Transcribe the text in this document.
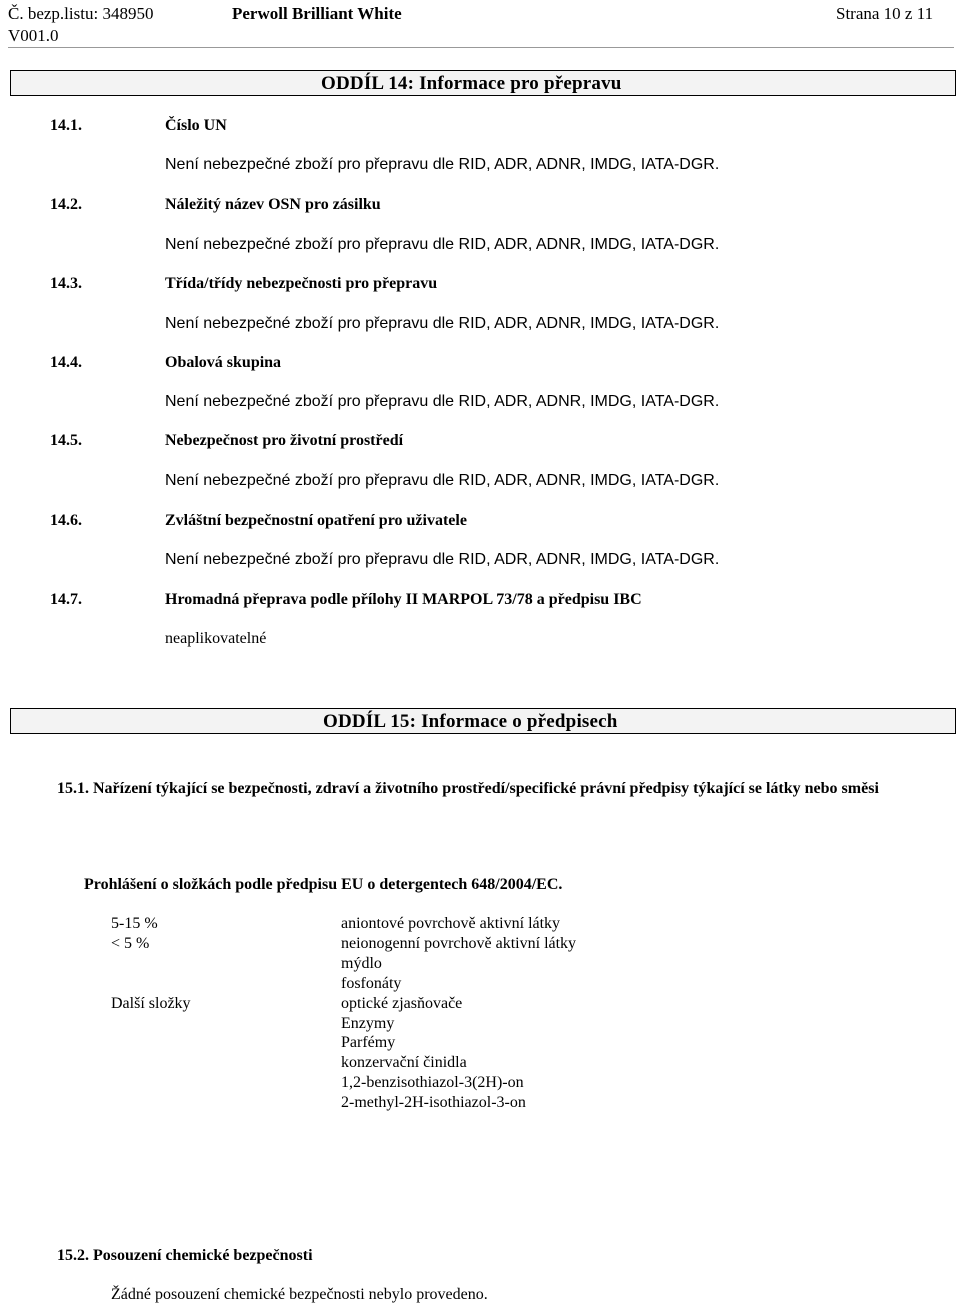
Č. bezp.listu: 348950
V001.0
Perwoll Brilliant White	Strana 10 z 11
ODDÍL 14: Informace pro přepravu
14.1.	Číslo UN
Není nebezpečné zboží pro přepravu dle RID, ADR, ADNR, IMDG, IATA-DGR.
14.2.	Náležitý název OSN pro zásilku
Není nebezpečné zboží pro přepravu dle RID, ADR, ADNR, IMDG, IATA-DGR.
14.3.	Třída/třídy nebezpečnosti pro přepravu
Není nebezpečné zboží pro přepravu dle RID, ADR, ADNR, IMDG, IATA-DGR.
14.4.	Obalová skupina
Není nebezpečné zboží pro přepravu dle RID, ADR, ADNR, IMDG, IATA-DGR.
14.5.	Nebezpečnost pro životní prostředí
Není nebezpečné zboží pro přepravu dle RID, ADR, ADNR, IMDG, IATA-DGR.
14.6.	Zvláštní bezpečnostní opatření pro uživatele
Není nebezpečné zboží pro přepravu dle RID, ADR, ADNR, IMDG, IATA-DGR.
14.7.	Hromadná přeprava podle přílohy II MARPOL 73/78 a předpisu IBC
neaplikovatelné
ODDÍL 15: Informace o předpisech
15.1. Nařízení týkající se bezpečnosti, zdraví a životního prostředí/specifické právní předpisy týkající se látky nebo směsi
Prohlášení o složkách podle předpisu EU o detergentech 648/2004/EC.
5-15 %	aniontové povrchově aktivní látky
< 5 %	neionogenní povrchově aktivní látky
mýdlo
fosfonáty
Další složky	optické zjasňovače
Enzymy
Parfémy
konzervační činidla
1,2-benzisothiazol-3(2H)-on
2-methyl-2H-isothiazol-3-on
15.2. Posouzení chemické bezpečnosti
Žádné posouzení chemické bezpečnosti nebylo provedeno.
